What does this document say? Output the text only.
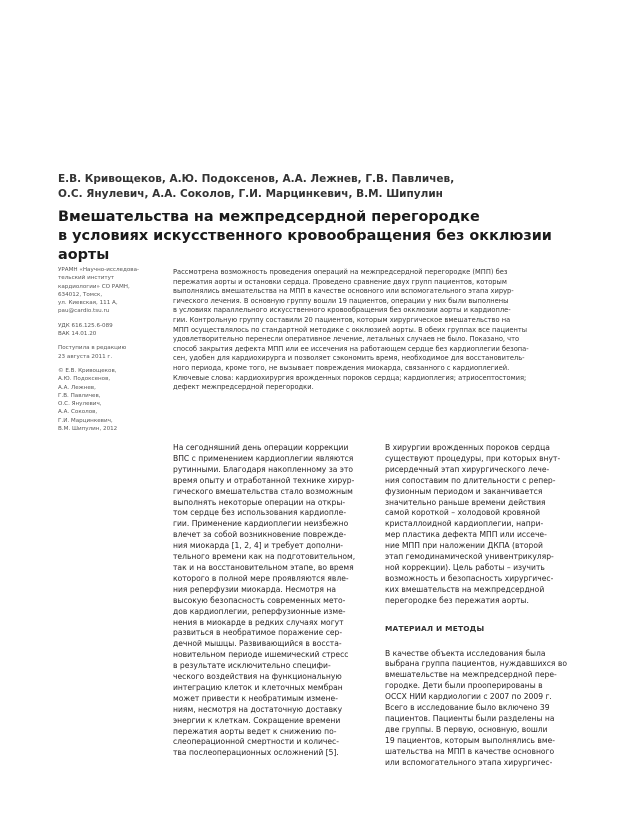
Е.В. Кривощеков, А.Ю. Подоксенов, А.А. Лежнев, Г.В. Павличев,
О.С. Янулевич, А.А. Соколов, Г.И. Марцинкевич, В.М. Шипулин
Вмешательства на межпредсердной перегородке
в условиях искусственного кровообращения без окклюзии аорты

УРАМН «Научно-исследова-
тельский институт
кардиологии» СО РАМН,
634012, Томск,
ул. Киевская, 111 А,
pau@cardio.tsu.ru

УДК 616.125.6-089
ВАК 14.01.20

Поступила в редакцию
23 августа 2011 г.

© Е.В. Кривощеков,
А.Ю. Подоксенов,
А.А. Лежнев,
Г.В. Павличев,
О.С. Янулевич,
А.А. Соколов,
Г.И. Марцинкевич,
В.М. Шипулин, 2012

Рассмотрена возможность проведения операций на межпредсердной перегородке (МПП) без
пережатия аорты и остановки сердца. Проведено сравнение двух групп пациентов, которым
выполнялись вмешательства на МПП в качестве основного или вспомогательного этапа хирур-
гического лечения. В основную группу вошли 19 пациентов, операции у них были выполнены
в условиях параллельного искусственного кровообращения без окклюзии аорты и кардиопле-
гии. Контрольную группу составили 20 пациентов, которым хирургическое вмешательство на
МПП осуществлялось по стандартной методике с окклюзией аорты. В обеих группах все пациенты
удовлетворительно перенесли оперативное лечение, летальных случаев не было. Показано, что
способ закрытия дефекта МПП или ее иссечения на работающем сердце без кардиоплегии безопа-
сен, удобен для кардиохирурга и позволяет сэкономить время, необходимое для восстановитель-
ного периода, кроме того, не вызывает повреждения миокарда, связанного с кардиоплегией.
Ключевые слова: кардиохирургия врожденных пороков сердца; кардиоплегия; атриосептостомия;
дефект межпредсердной перегородки.

На сегодняшний день операции коррекции
ВПС с применением кардиоплегии являются
рутинными. Благодаря накопленному за это
время опыту и отработанной технике хирур-
гического вмешательства стало возможным
выполнять некоторые операции на откры-
том сердце без использования кардиопле-
гии. Применение кардиоплегии неизбежно
влечет за собой возникновение поврежде-
ния миокарда [1, 2, 4] и требует дополни-
тельного времени как на подготовительном,
так и на восстановительном этапе, во время
которого в полной мере проявляются явле-
ния реперфузии миокарда. Несмотря на
высокую безопасность современных мето-
дов кардиоплегии, реперфузионные изме-
нения в миокарде в редких случаях могут
развиться в необратимое поражение сер-
дечной мышцы. Развивающийся в восста-
новительном периоде ишемический стресс
в результате исключительно специфи-
ческого воздействия на функциональную
интеграцию клеток и клеточных мембран
может привести к необратимым измене-
ниям, несмотря на достаточную доставку
энергии к клеткам. Сокращение времени
пережатия аорты ведет к снижению по-
слеоперационной смертности и количес-
тва послеоперационных осложнений [5].

В хирургии врожденных пороков сердца
существуют процедуры, при которых внут-
рисердечный этап хирургического лече-
ния сопоставим по длительности с репер-
фузионным периодом и заканчивается
значительно раньше времени действия
самой короткой – холодовой кровяной
кристаллоидной кардиоплегии, напри-
мер пластика дефекта МПП или иссече-
ние МПП при наложении ДКПА (второй
этап гемодинамической унивентрикуляр-
ной коррекции). Цель работы – изучить
возможность и безопасность хирургичес-
ких вмешательств на межпредсердной
перегородке без пережатия аорты.

МАТЕРИАЛ И МЕТОДЫ

В качестве объекта исследования была
выбрана группа пациентов, нуждавшихся во
вмешательстве на межпредсердной пере-
городке. Дети были прооперированы в
ОССХ НИИ кардиологии с 2007 по 2009 г.
Всего в исследование было включено 39
пациентов. Пациенты были разделены на
две группы. В первую, основную, вошли
19 пациентов, которым выполнялись вме-
шательства на МПП в качестве основного
или вспомогательного этапа хирургичес-
